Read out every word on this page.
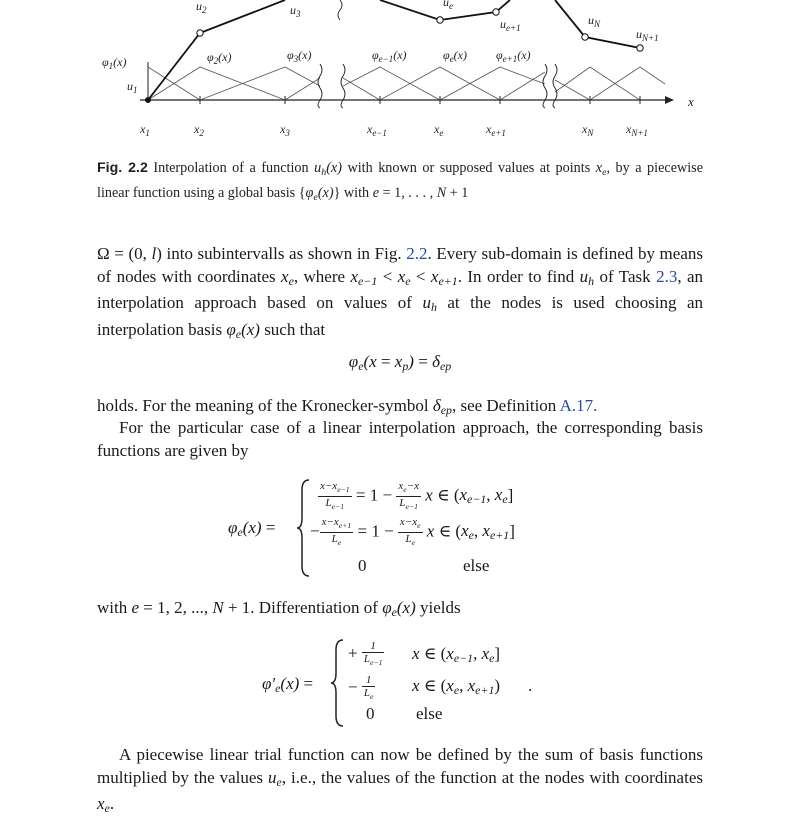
x
$u_2$	$u_3$
$u_e$
$u_{e+1}$
$u_N$
$u_{N+1}$
$u_1$
$\varphi_1(x)$	$\varphi_2(x)$	$\varphi_3(x)$	$\varphi_{e-1}(x)$	$\varphi_e(x)$ $\varphi_{e+1}(x)$
$x_1$	$x_2$	$x_3$	$x_{e-1}$	$x_e$	$x_{e+1}$	$x_N$	$x_{N+1}$
Fig. 2.2 Interpolation of a function $u_h(x)$ with known or supposed values at points $x_e$, by a piecewise linear function using a global basis $\{\varphi_e(x)\}$ with e = 1, . . . , N + 1

Ω = (0, l) into subintervalls as shown in Fig. 2.2. Every sub-domain is defined by means of nodes with coordinates $x_e$, where $x_{e-1} < x_e < x_{e+1}$. In order to find $u_h$ of Task 2.3, an interpolation approach based on values of $u_h$ at the nodes is used choosing an interpolation basis $\varphi_e(x)$ such that

$\varphi_e(x = x_p) = \delta_{ep}$

holds. For the meaning of the Kronecker-symbol $\delta_{ep}$, see Definition A.17.

For the particular case of a linear interpolation approach, the corresponding basis functions are given by

$\varphi_e(x)$ =
$\frac{x-x_{e-1}}{L_{e-1}} = 1 - \frac{x_e-x}{L_{e-1}}$ x ∈ ($x_{e-1}$, $x_e$]
− $\frac{x-x_{e+1}}{L_e} = 1 - \frac{x-x_e}{L_e}$ x ∈ ($x_e$, $x_{e+1}$]
0	else

with e = 1, 2, ..., N + 1. Differentiation of $\varphi_e(x)$ yields

$\varphi'_e(x)$ =
+ $\frac{1}{L_{e-1}}$ x ∈ ($x_{e-1}$, $x_e$]
− $\frac{1}{L_e}$ x ∈ ($x_e$, $x_{e+1}$) .
0 else

A piecewise linear trial function can now be defined by the sum of basis functions multiplied by the values $u_e$, i.e., the values of the function at the nodes with coordinates $x_e$.
